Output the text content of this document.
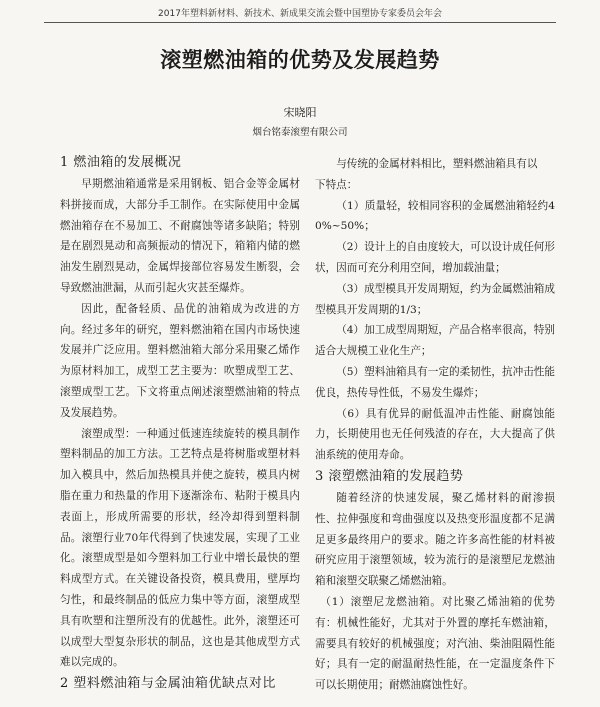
2017年塑料新材料、新技术、新成果交流会暨中国塑协专家委员会年会
滚塑燃油箱的优势及发展趋势
宋晓阳
烟台铭泰滚塑有限公司
1 燃油箱的发展概况

早期燃油箱通常是采用钢板、铝合金等金属材料拼接而成，大部分手工制作。在实际使用中金属燃油箱存在不易加工、不耐腐蚀等诸多缺陷；特别是在剧烈晃动和高频振动的情况下，箱箱内储的燃油发生剧烈晃动，金属焊接部位容易发生断裂，会导致燃油泄漏，从而引起火灾甚至爆炸。

因此，配备轻质、品优的油箱成为改进的方向。经过多年的研究，塑料燃油箱在国内市场快速发展并广泛应用。塑料燃油箱大部分采用聚乙烯作为原材料加工，成型工艺主要为：吹塑成型工艺、滚塑成型工艺。下文将重点阐述滚塑燃油箱的特点及发展趋势。

滚塑成型：一种通过低速连续旋转的模具制作塑料制品的加工方法。工艺特点是将树脂或塑材料加入模具中，然后加热模具并使之旋转，模具内树脂在重力和热量的作用下逐渐涂布、粘附于模具内表面上，形成所需要的形状，经冷却得到塑料制品。滚塑行业70年代得到了快速发展，实现了工业化。滚塑成型是如今塑料加工行业中增长最快的塑料成型方式。在关键设备投资，模具费用，壁厚均匀性，和最终制品的低应力集中等方面，滚塑成型具有吹塑和注塑所没有的优越性。此外，滚塑还可以成型大型复杂形状的制品，这也是其他成型方式难以完成的。

2 塑料燃油箱与金属油箱优缺点对比

与传统的金属材料相比，塑料燃油箱具有以

下特点：

（1）质量轻，较相同容积的金属燃油箱轻约40%~50%；

（2）设计上的自由度较大，可以设计成任何形状，因而可充分利用空间，增加载油量；

（3）成型模具开发周期短，约为金属燃油箱成型模具开发周期的1/3；

（4）加工成型周期短，产品合格率很高，特别适合大规模工业化生产；

（5）塑料油箱具有一定的柔韧性，抗冲击性能优良，热传导性低，不易发生爆炸；

（6）具有优异的耐低温冲击性能、耐腐蚀能力，长期使用也无任何残渣的存在，大大提高了供油系统的使用寿命。

3 滚塑燃油箱的发展趋势

随着经济的快速发展，聚乙烯材料的耐渗损性、拉伸强度和弯曲强度以及热变形温度都不足满足更多最终用户的要求。随之许多高性能的材料被研究应用于滚塑领域，较为流行的是滚塑尼龙燃油箱和滚塑交联聚乙烯燃油箱。

（1）滚塑尼龙燃油箱。对比聚乙烯油箱的优势有：机械性能好，尤其对于外置的摩托车燃油箱，需要具有较好的机械强度；对汽油、柴油阻隔性能好；具有一定的耐温耐热性能，在一定温度条件下可以长期使用；耐燃油腐蚀性好。
